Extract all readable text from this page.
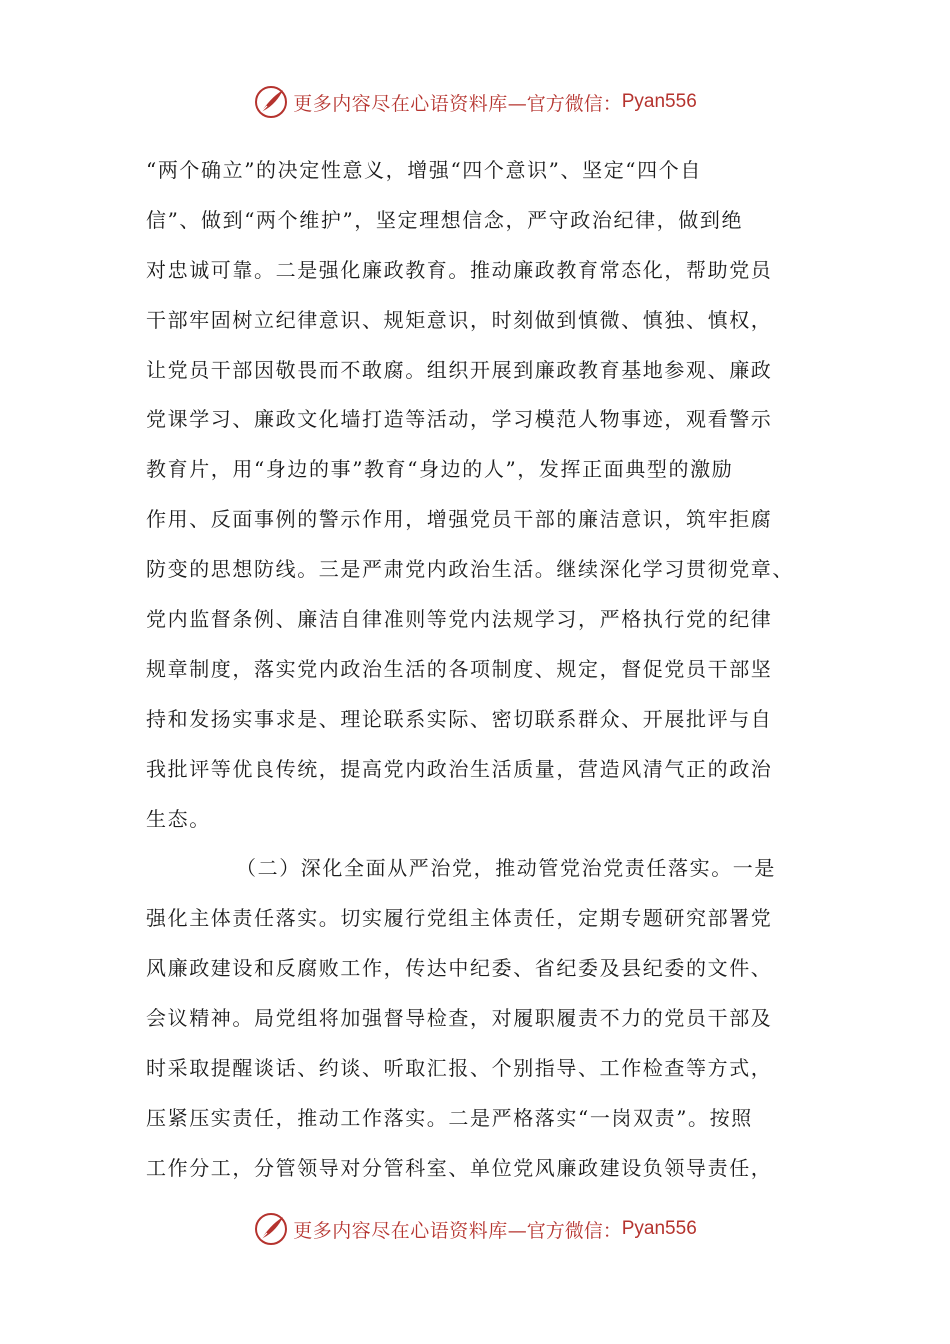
更多内容尽在心语资料库 —官方微信： Pyan556
“两个确立”的决定性意义，增强“四个意识”、坚定“四个自
信”、做到“两个维护”，坚定理想信念，严守政治纪律，做到绝
对忠诚可靠。二是强化廉政教育。推动廉政教育常态化，帮助党员
干部牢固树立纪律意识、规矩意识，时刻做到慎微、慎独、慎权，
让党员干部因敬畏而不敢腐。组织开展到廉政教育基地参观、廉政
党课学习、廉政文化墙打造等活动，学习模范人物事迹，观看警示
教育片，用“身边的事”教育“身边的人”，发挥正面典型的激励
作用、反面事例的警示作用，增强党员干部的廉洁意识，筑牢拒腐
防变的思想防线。三是严肃党内政治生活。继续深化学习贯彻党章、
党内监督条例、廉洁自律准则等党内法规学习，严格执行党的纪律
规章制度，落实党内政治生活的各项制度、规定，督促党员干部坚
持和发扬实事求是、理论联系实际、密切联系群众、开展批评与自
我批评等优良传统，提高党内政治生活质量，营造风清气正的政治
生态。
（二）深化全面从严治党，推动管党治党责任落实。一是
强化主体责任落实。切实履行党组主体责任，定期专题研究部署党
风廉政建设和反腐败工作，传达中纪委、省纪委及县纪委的文件、
会议精神。局党组将加强督导检查，对履职履责不力的党员干部及
时采取提醒谈话、约谈、听取汇报、个别指导、工作检查等方式，
压紧压实责任，推动工作落实。二是严格落实“一岗双责”。按照
工作分工，分管领导对分管科室、单位党风廉政建设负领导责任，
更多内容尽在心语资料库 —官方微信： Pyan556
